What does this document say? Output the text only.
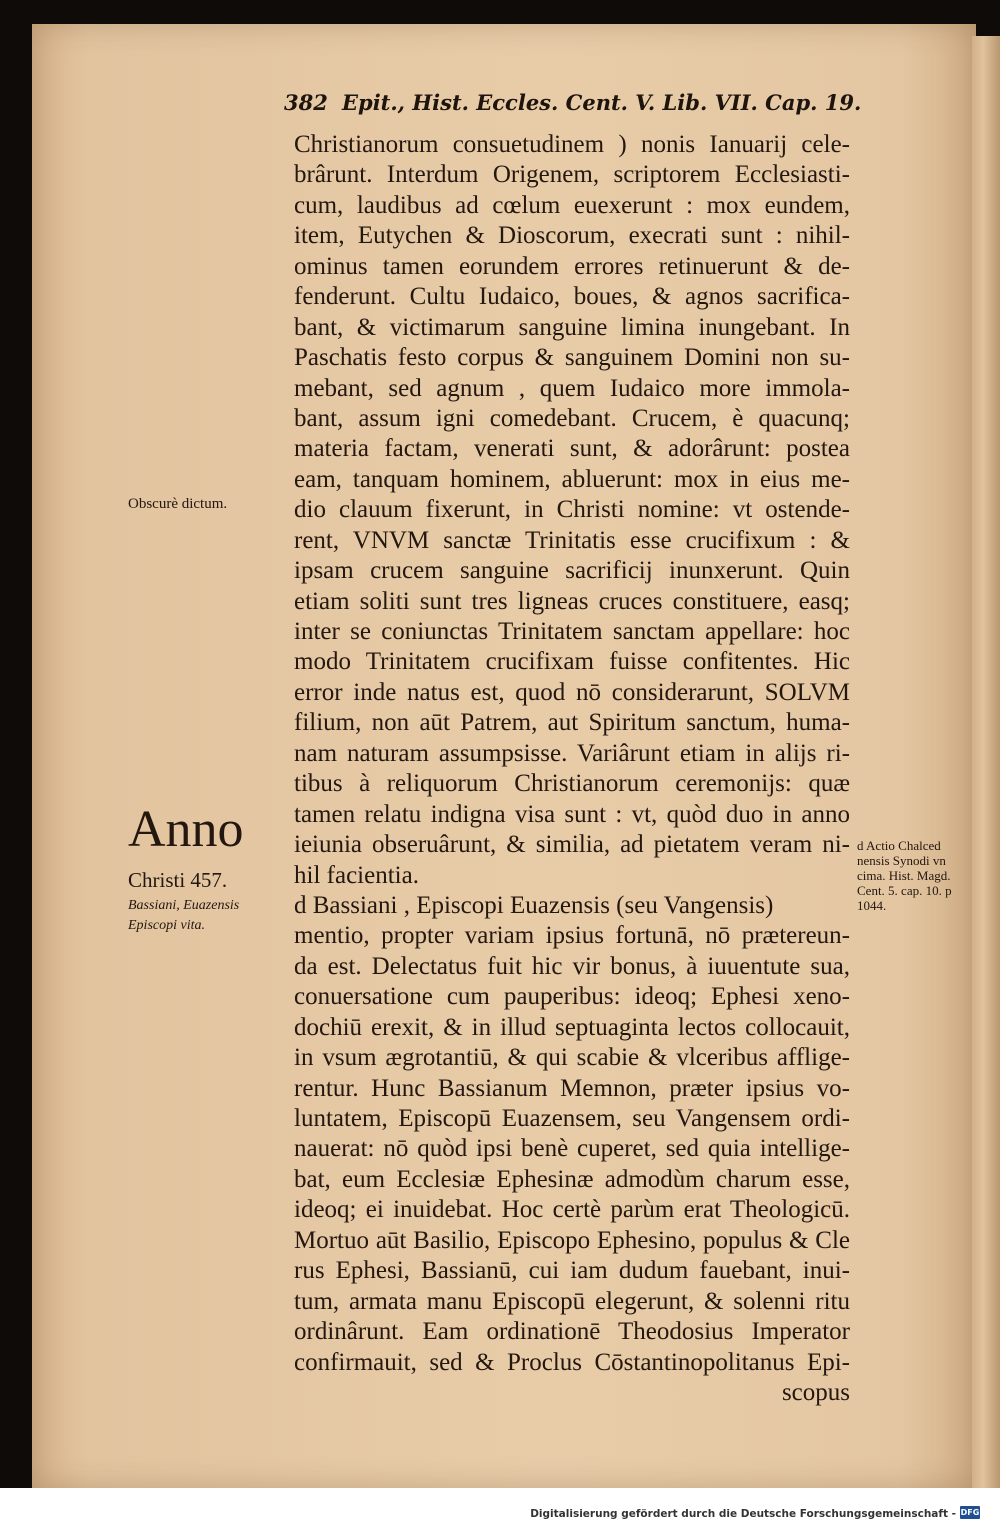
382 Epit., Hist. Eccles. Cent. V. Lib. VII. Cap. 19.
Christianorum consuetudinem ) nonis Ianuarij cele-
brârunt. Interdum Origenem, scriptorem Ecclesiasti-
cum, laudibus ad cœlum euexerunt : mox eundem,
item, Eutychen & Dioscorum, execrati sunt : nihil-
ominus tamen eorundem errores retinuerunt & de-
fenderunt. Cultu Iudaico, boues, & agnos sacrifica-
bant, & victimarum sanguine limina inungebant. In
Paschatis festo corpus & sanguinem Domini non su-
mebant, sed agnum , quem Iudaico more immola-
bant, assum igni comedebant. Crucem, è quacunq;
materia factam, venerati sunt, & adorârunt: postea
eam, tanquam hominem, abluerunt: mox in eius me-
dio clauum fixerunt, in Christi nomine: vt ostende-
rent, VNVM sanctæ Trinitatis esse crucifixum : &
ipsam crucem sanguine sacrificij inunxerunt. Quin
etiam soliti sunt tres ligneas cruces constituere, easq;
inter se coniunctas Trinitatem sanctam appellare: hoc
modo Trinitatem crucifixam fuisse confitentes. Hic
error inde natus est, quod nō considerarunt, SOLVM
filium, non aūt Patrem, aut Spiritum sanctum, huma-
nam naturam assumpsisse. Variârunt etiam in alijs ri-
tibus à reliquorum Christianorum ceremonijs: quæ
tamen relatu indigna visa sunt : vt, quòd duo in anno
ieiunia obseruârunt, & similia, ad pietatem veram ni-
hil facientia.
d Bassiani , Episcopi Euazensis (seu Vangensis)
mentio, propter variam ipsius fortunā, nō prætereun-
da est. Delectatus fuit hic vir bonus, à iuuentute sua,
conuersatione cum pauperibus: ideoq; Ephesi xeno-
dochiū erexit, & in illud septuaginta lectos collocauit,
in vsum ægrotantiū, & qui scabie & vlceribus afflige-
rentur. Hunc Bassianum Memnon, præter ipsius vo-
luntatem, Episcopū Euazensem, seu Vangensem ordi-
nauerat: nō quòd ipsi benè cuperet, sed quia intellige-
bat, eum Ecclesiæ Ephesinæ admodùm charum esse,
ideoq; ei inuidebat. Hoc certè parùm erat Theologicū.
Mortuo aūt Basilio, Episcopo Ephesino, populus & Cle
rus Ephesi, Bassianū, cui iam dudum fauebant, inui-
tum, armata manu Episcopū elegerunt, & solenni ritu
ordinârunt. Eam ordinationē Theodosius Imperator
confirmauit, sed & Proclus Cōstantinopolitanus Epi-
scopus
Obscurè dictum.
Anno
Christi 457.
Bassiani, Euazensis
Episcopi vita.
d Actio Chalced
nensis Synodi vn
cima. Hist. Magd.
Cent. 5. cap. 10. p
1044.
Digitalisierung gefördert durch die Deutsche Forschungsgemeinschaft - DFG
